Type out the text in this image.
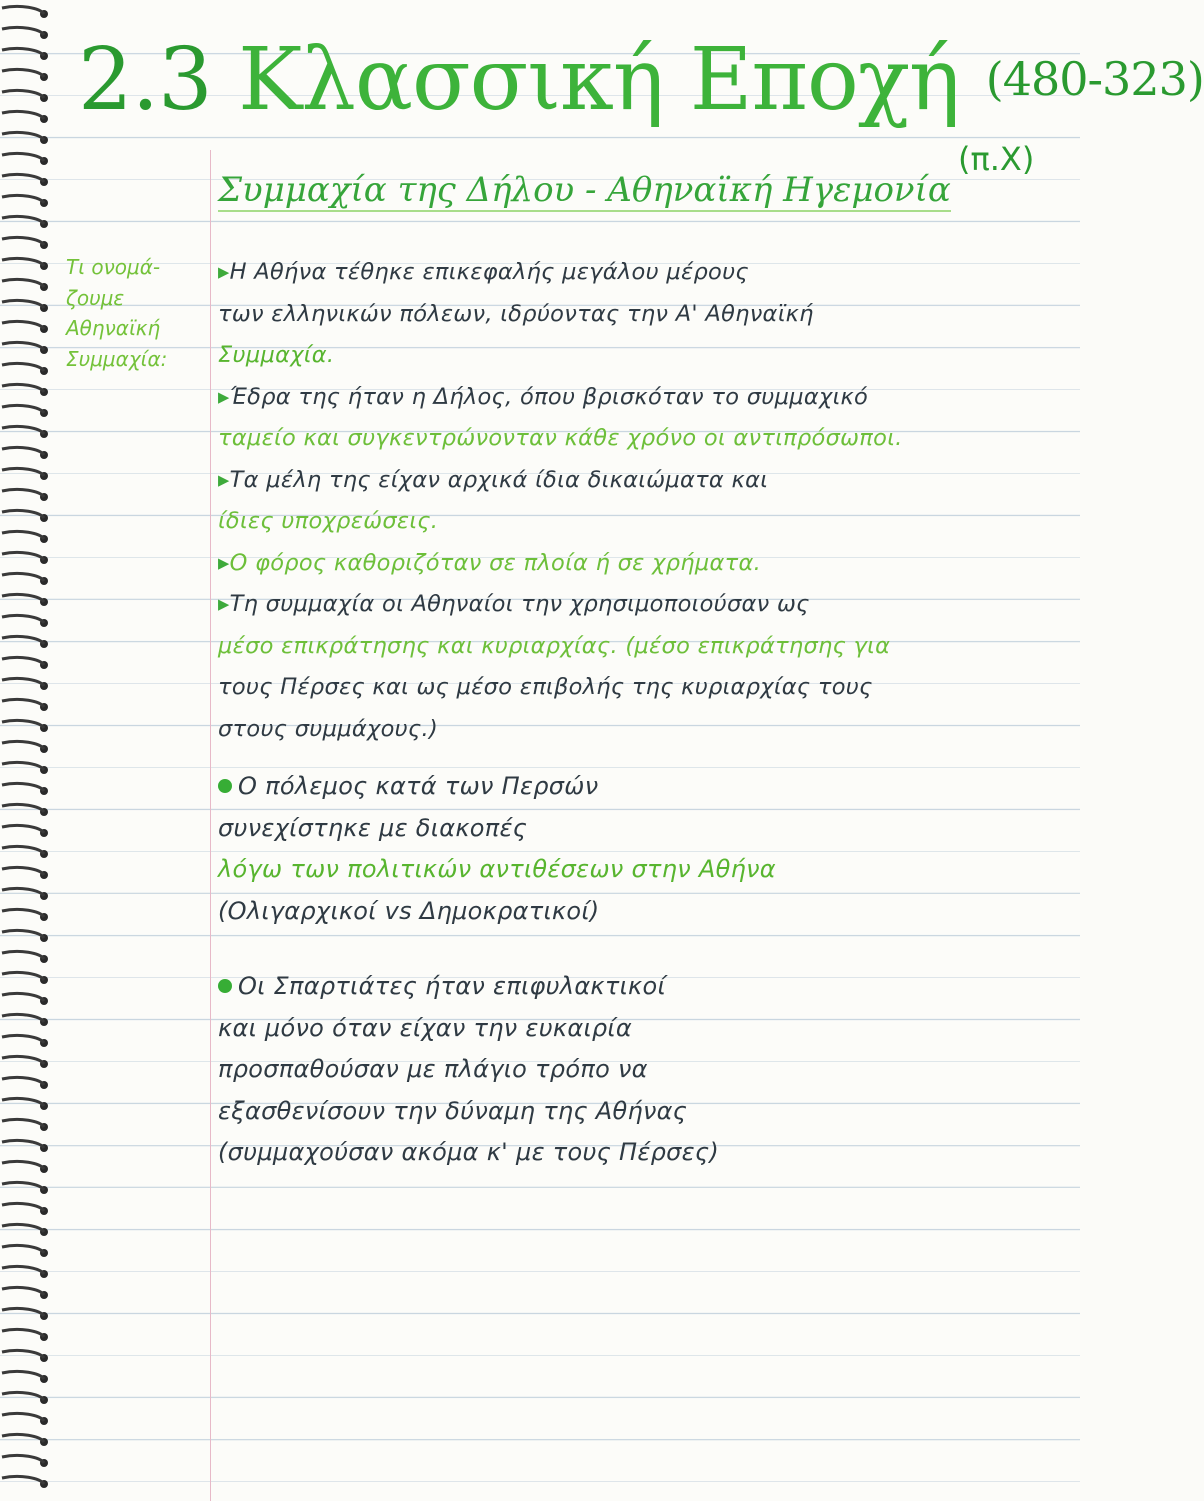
2.3 Κλασσική Εποχή (480-323)
(π.Χ)
Συμμαχία της Δήλου - Αθηναϊκή Ηγεμονία
Τι ονομά-
ζουμε
Αθηναϊκή
Συμμαχία:
▸Η Αθήνα τέθηκε επικεφαλής μεγάλου μέρους
των ελληνικών πόλεων, ιδρύοντας την Α' Αθηναϊκή
Συμμαχία.
▸Έδρα της ήταν η Δήλος, όπου βρισκόταν το συμμαχικό
ταμείο και συγκεντρώνονταν κάθε χρόνο οι αντιπρόσωποι.
▸Τα μέλη της είχαν αρχικά ίδια δικαιώματα και
ίδιες υποχρεώσεις.
▸Ο φόρος καθοριζόταν σε πλοία ή σε χρήματα.
▸Τη συμμαχία οι Αθηναίοι την χρησιμοποιούσαν ως
μέσο επικράτησης και κυριαρχίας. (μέσο επικράτησης για
τους Πέρσες και ως μέσο επιβολής της κυριαρχίας τους
στους συμμάχους.)
Ο πόλεμος κατά των Περσών
συνεχίστηκε με διακοπές
λόγω των πολιτικών αντιθέσεων στην Αθήνα
(Ολιγαρχικοί vs Δημοκρατικοί)
Οι Σπαρτιάτες ήταν επιφυλακτικοί
και μόνο όταν είχαν την ευκαιρία
προσπαθούσαν με πλάγιο τρόπο να
εξασθενίσουν την δύναμη της Αθήνας
(συμμαχούσαν ακόμα κ' με τους Πέρσες)
